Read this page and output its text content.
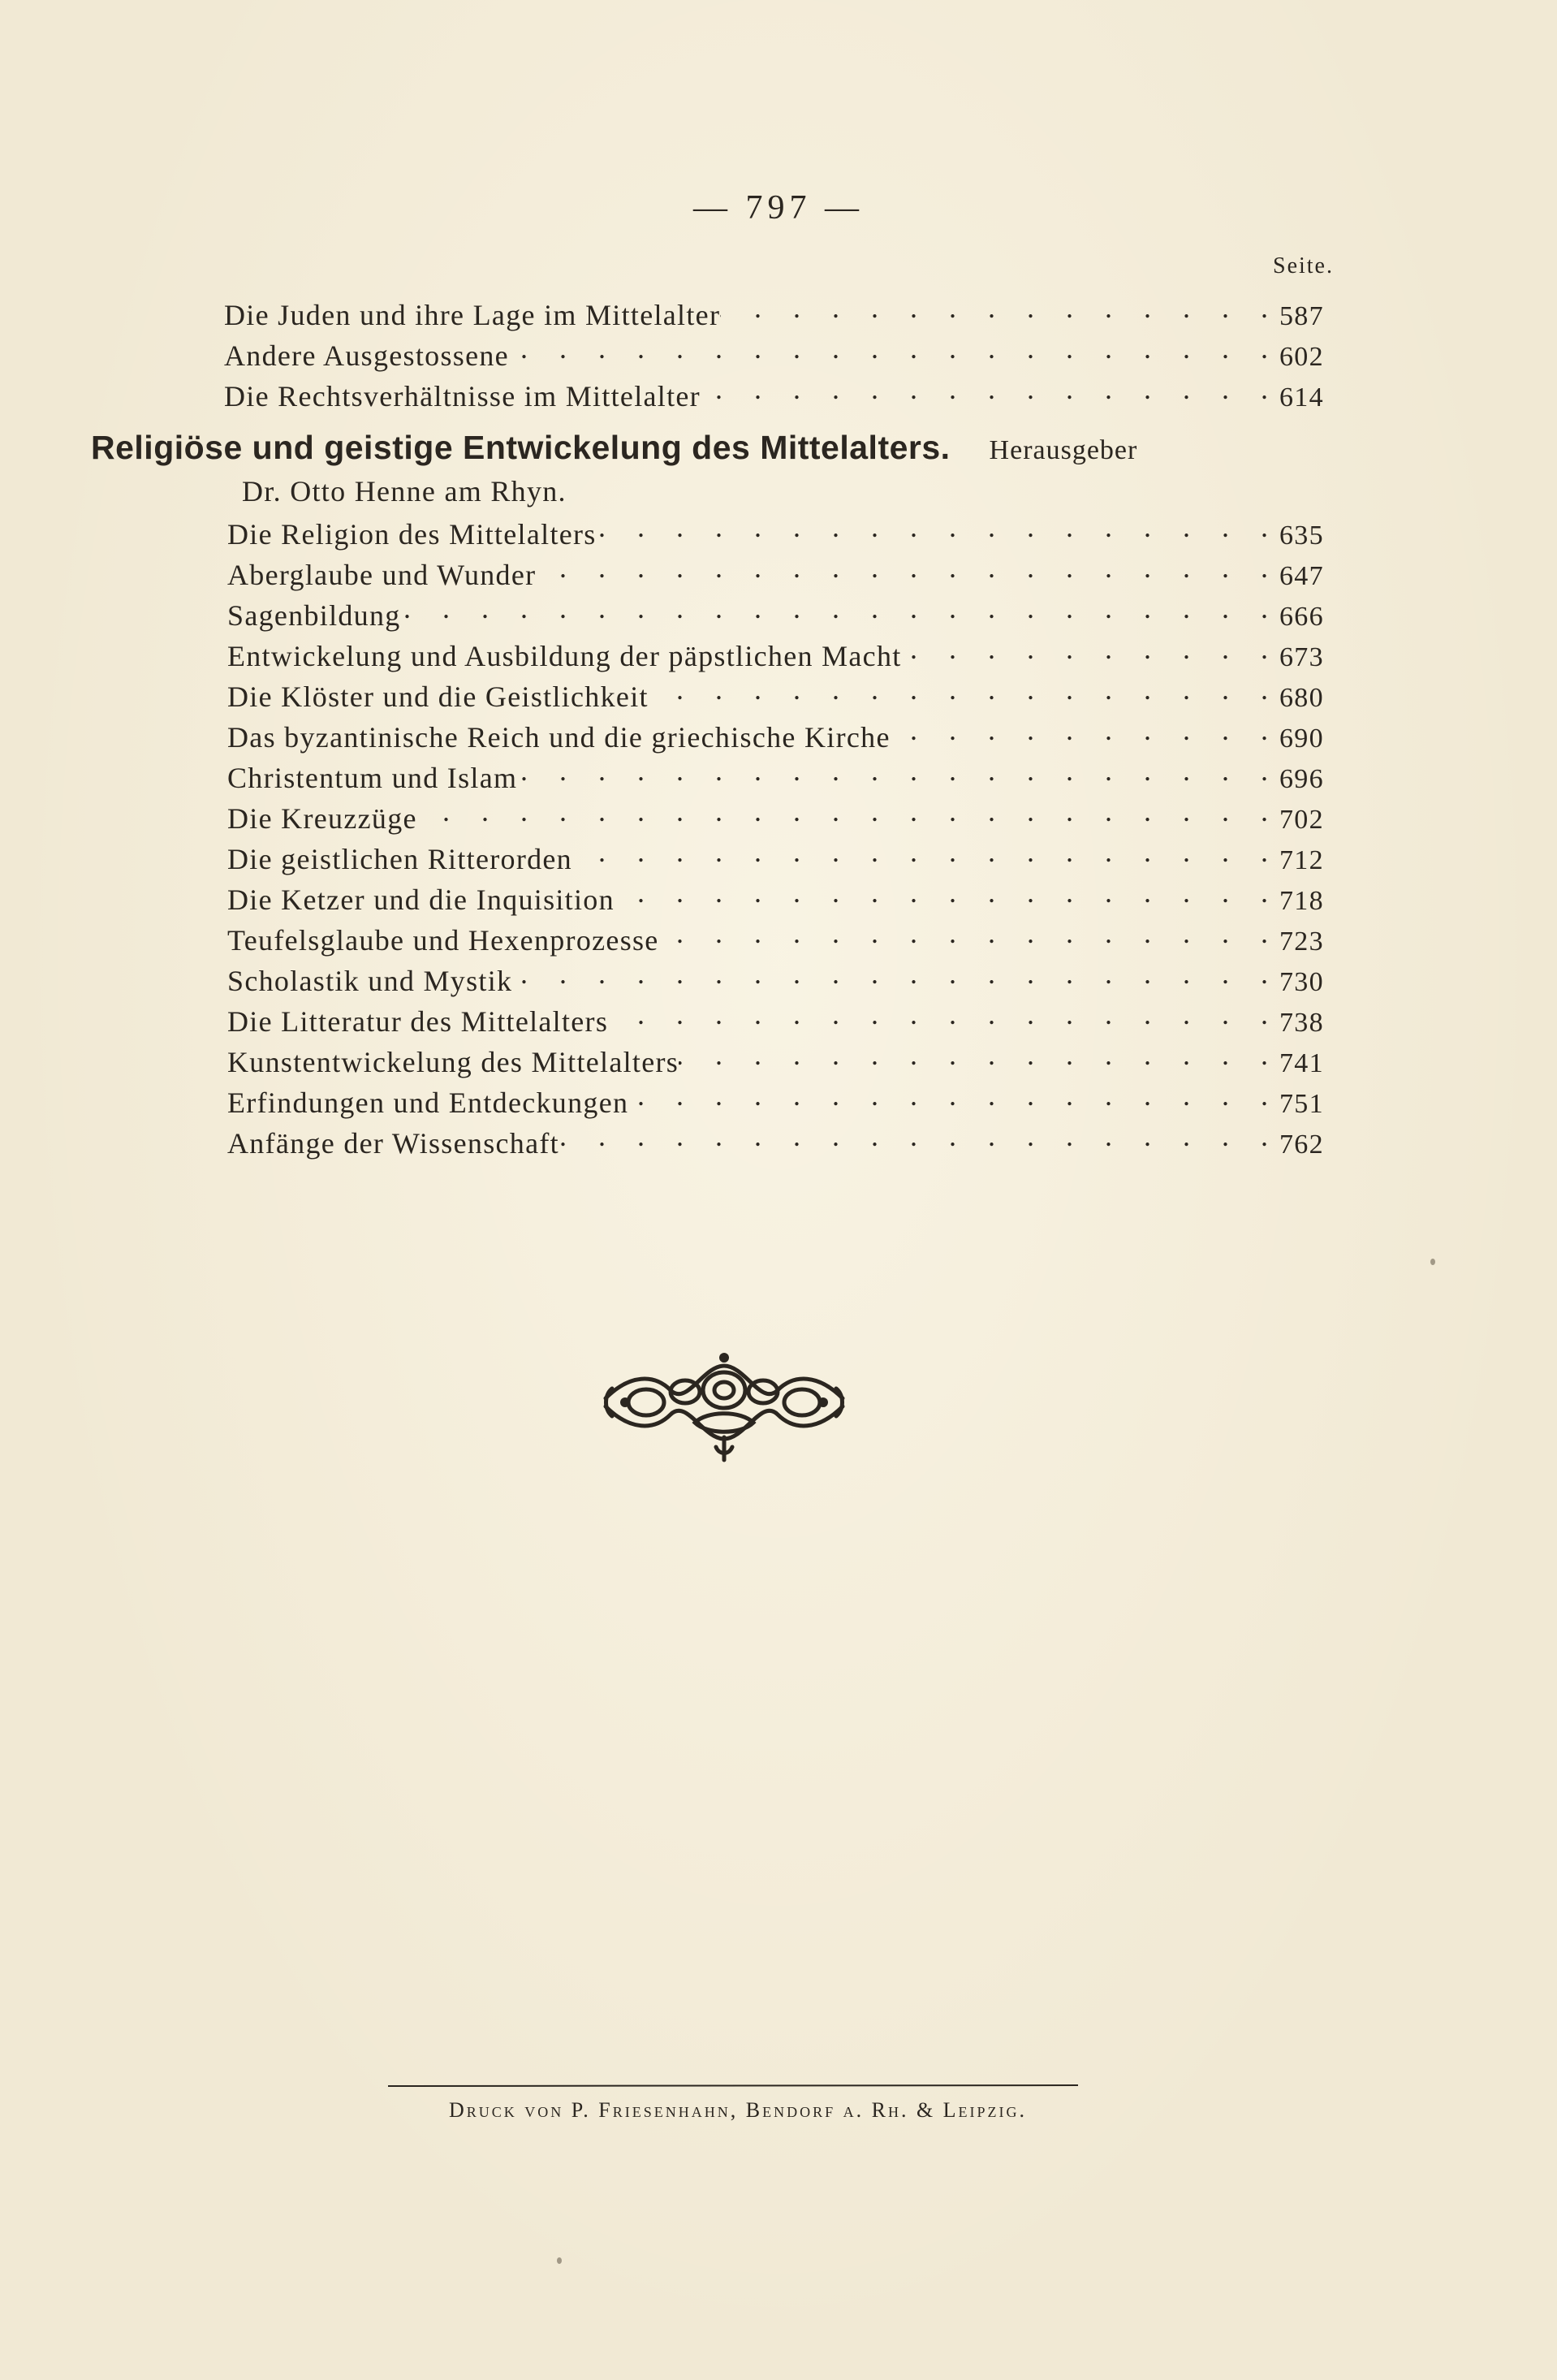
— 797 —
Seite.
Die Juden und ihre Lage im Mittelalter . . .	587
Andere Ausgestossene . . .	602
Die Rechtsverhältnisse im Mittelalter . . .	614
Religiöse und geistige Entwickelung des Mittelalters. Herausgeber
Dr. Otto Henne am Rhyn.
Die Religion des Mittelalters . . .	635
Aberglaube und Wunder . . .	647
Sagenbildung . . .	666
Entwickelung und Ausbildung der päpstlichen Macht . . .	673
Die Klöster und die Geistlichkeit . . .	680
Das byzantinische Reich und die griechische Kirche . . .	690
Christentum und Islam . . .	696
Die Kreuzzüge . . .	702
Die geistlichen Ritterorden . . .	712
Die Ketzer und die Inquisition . . .	718
Teufelsglaube und Hexenprozesse . . .	723
Scholastik und Mystik . . .	730
Die Litteratur des Mittelalters . . .	738
Kunstentwickelung des Mittelalters . . .	741
Erfindungen und Entdeckungen . . .	751
Anfänge der Wissenschaft . . .	762
Druck von P. Friesenhahn, Bendorf a. Rh. & Leipzig.
